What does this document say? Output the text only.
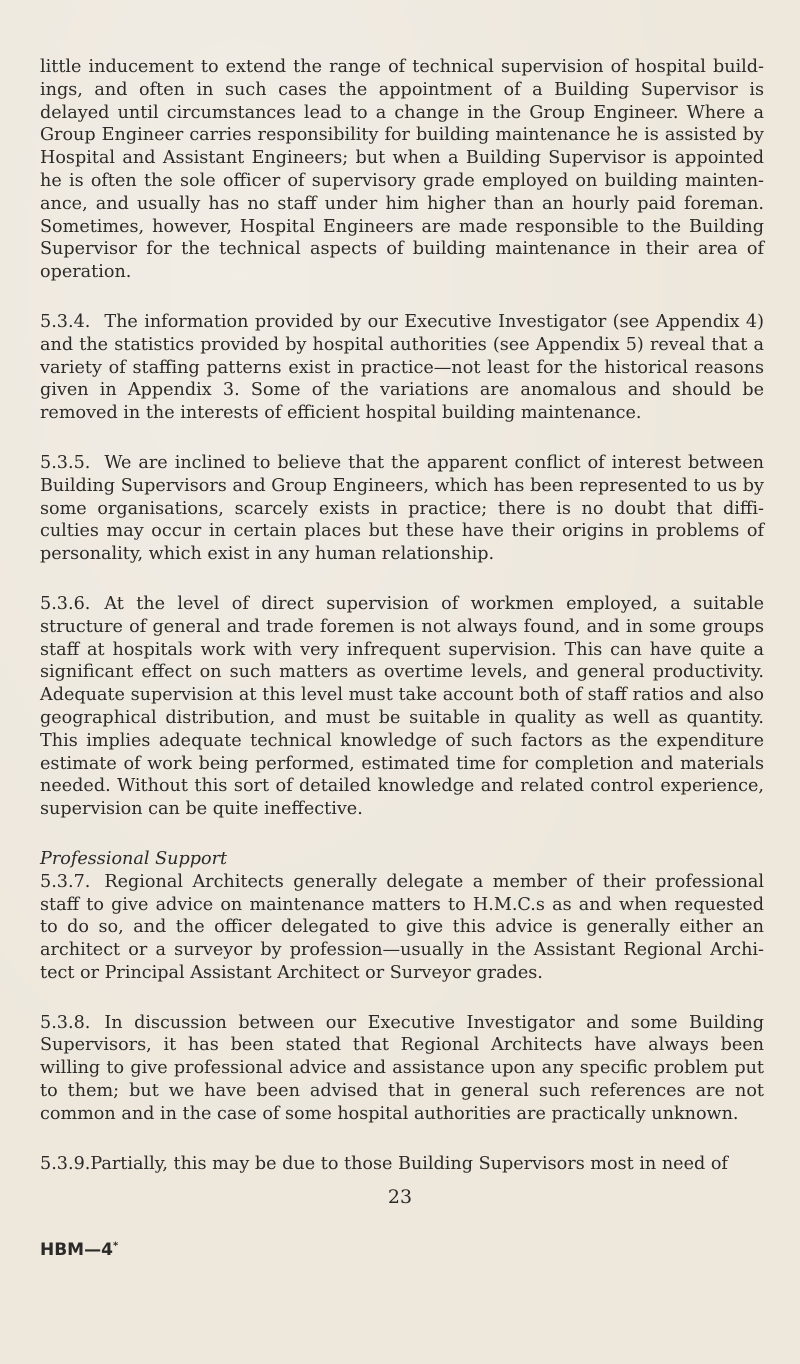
little inducement to extend the range of technical supervision of hospital build-ings, and often in such cases the appointment of a Building Supervisor is delayed until circumstances lead to a change in the Group Engineer. Where a Group Engineer carries responsibility for building maintenance he is assisted by Hospital and Assistant Engineers; but when a Building Supervisor is appointed he is often the sole officer of supervisory grade employed on building mainten-ance, and usually has no staff under him higher than an hourly paid foreman. Sometimes, however, Hospital Engineers are made responsible to the Building Supervisor for the technical aspects of building maintenance in their area of operation.

5.3.4. The information provided by our Executive Investigator (see Appendix 4) and the statistics provided by hospital authorities (see Appendix 5) reveal that a variety of staffing patterns exist in practice—not least for the historical reasons given in Appendix 3. Some of the variations are anomalous and should be removed in the interests of efficient hospital building maintenance.

5.3.5. We are inclined to believe that the apparent conflict of interest between Building Supervisors and Group Engineers, which has been represented to us by some organisations, scarcely exists in practice; there is no doubt that diffi-culties may occur in certain places but these have their origins in problems of personality, which exist in any human relationship.

5.3.6. At the level of direct supervision of workmen employed, a suitable structure of general and trade foremen is not always found, and in some groups staff at hospitals work with very infrequent supervision. This can have quite a significant effect on such matters as overtime levels, and general productivity. Adequate supervision at this level must take account both of staff ratios and also geographical distribution, and must be suitable in quality as well as quantity. This implies adequate technical knowledge of such factors as the expenditure estimate of work being performed, estimated time for completion and materials needed. Without this sort of detailed knowledge and related control experience, supervision can be quite ineffective.

Professional Support

5.3.7. Regional Architects generally delegate a member of their professional staff to give advice on maintenance matters to H.M.C.s as and when requested to do so, and the officer delegated to give this advice is generally either an architect or a surveyor by profession—usually in the Assistant Regional Archi-tect or Principal Assistant Architect or Surveyor grades.

5.3.8. In discussion between our Executive Investigator and some Building Supervisors, it has been stated that Regional Architects have always been willing to give professional advice and assistance upon any specific problem put to them; but we have been advised that in general such references are not common and in the case of some hospital authorities are practically unknown.

5.3.9.Partially, this may be due to those Building Supervisors most in need of

23
HBM—4*
